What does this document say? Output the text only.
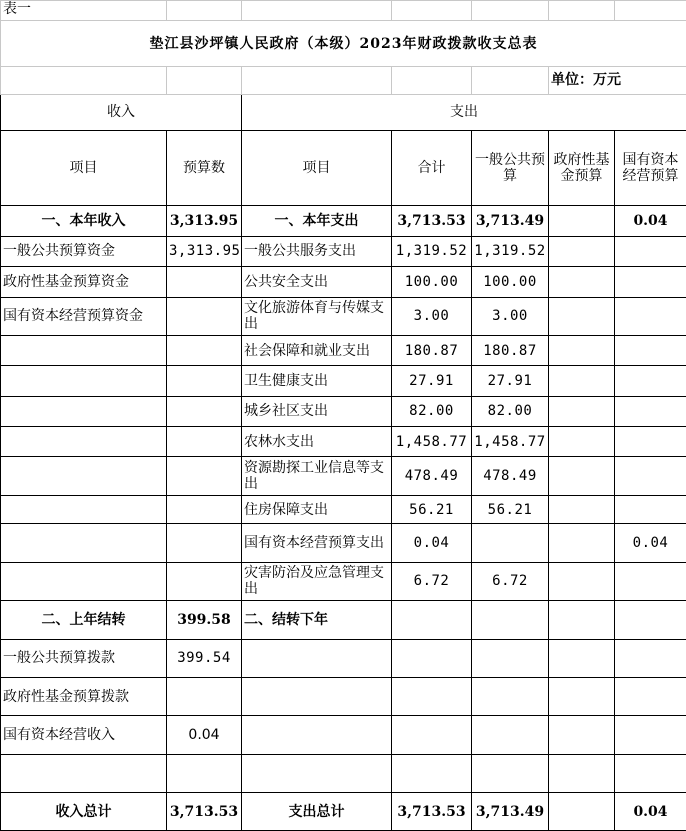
表一						
垫江县沙坪镇人民政府（本级）2023年财政拨款收支总表						
					单位：万元	
收入		支出				
项目	预算数	项目	合计	一般公共预算	政府性基金预算	国有资本经营预算
一、本年收入	3,313.95	一、本年支出	3,713.53	3,713.49		0.04
一般公共预算资金	3,313.95	一般公共服务支出	1,319.52	1,319.52		
政府性基金预算资金		公共安全支出	100.00	100.00		
国有资本经营预算资金		文化旅游体育与传媒支出	3.00	3.00		
		社会保障和就业支出	180.87	180.87		
		卫生健康支出	27.91	27.91		
		城乡社区支出	82.00	82.00		
		农林水支出	1,458.77	1,458.77		
		资源勘探工业信息等支出	478.49	478.49		
		住房保障支出	56.21	56.21		
		国有资本经营预算支出	0.04			0.04
		灾害防治及应急管理支出	6.72	6.72		
二、上年结转	399.58	二、结转下年				
一般公共预算拨款	399.54					
政府性基金预算拨款						
国有资本经营收入	0.04					

收入总计	3,713.53	支出总计	3,713.53	3,713.49		0.04
